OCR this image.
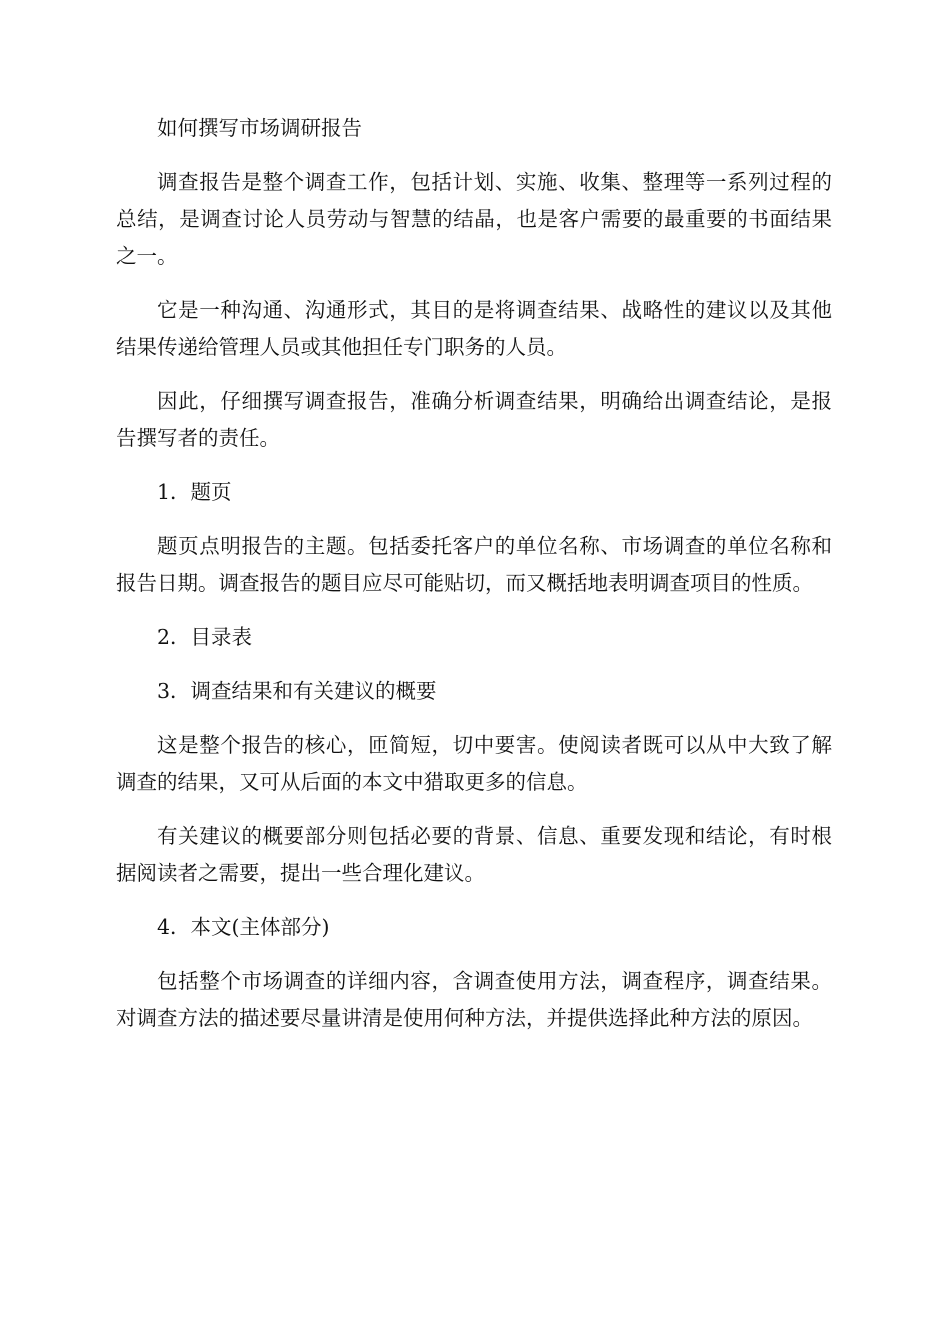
如何撰写市场调研报告

调查报告是整个调查工作，包括计划、实施、收集、整理等一系列过程的总结，是调查讨论人员劳动与智慧的结晶，也是客户需要的最重要的书面结果之一。

它是一种沟通、沟通形式，其目的是将调查结果、战略性的建议以及其他结果传递给管理人员或其他担任专门职务的人员。

因此，仔细撰写调查报告，准确分析调查结果，明确给出调查结论，是报告撰写者的责任。

1．题页

题页点明报告的主题。包括委托客户的单位名称、市场调查的单位名称和报告日期。调查报告的题目应尽可能贴切，而又概括地表明调查项目的性质。

2．目录表

3．调查结果和有关建议的概要

这是整个报告的核心，匝简短，切中要害。使阅读者既可以从中大致了解调查的结果，又可从后面的本文中猎取更多的信息。

有关建议的概要部分则包括必要的背景、信息、重要发现和结论，有时根据阅读者之需要，提出一些合理化建议。

4．本文(主体部分)

包括整个市场调查的详细内容，含调查使用方法，调查程序，调查结果。对调查方法的描述要尽量讲清是使用何种方法，并提供选择此种方法的原因。
